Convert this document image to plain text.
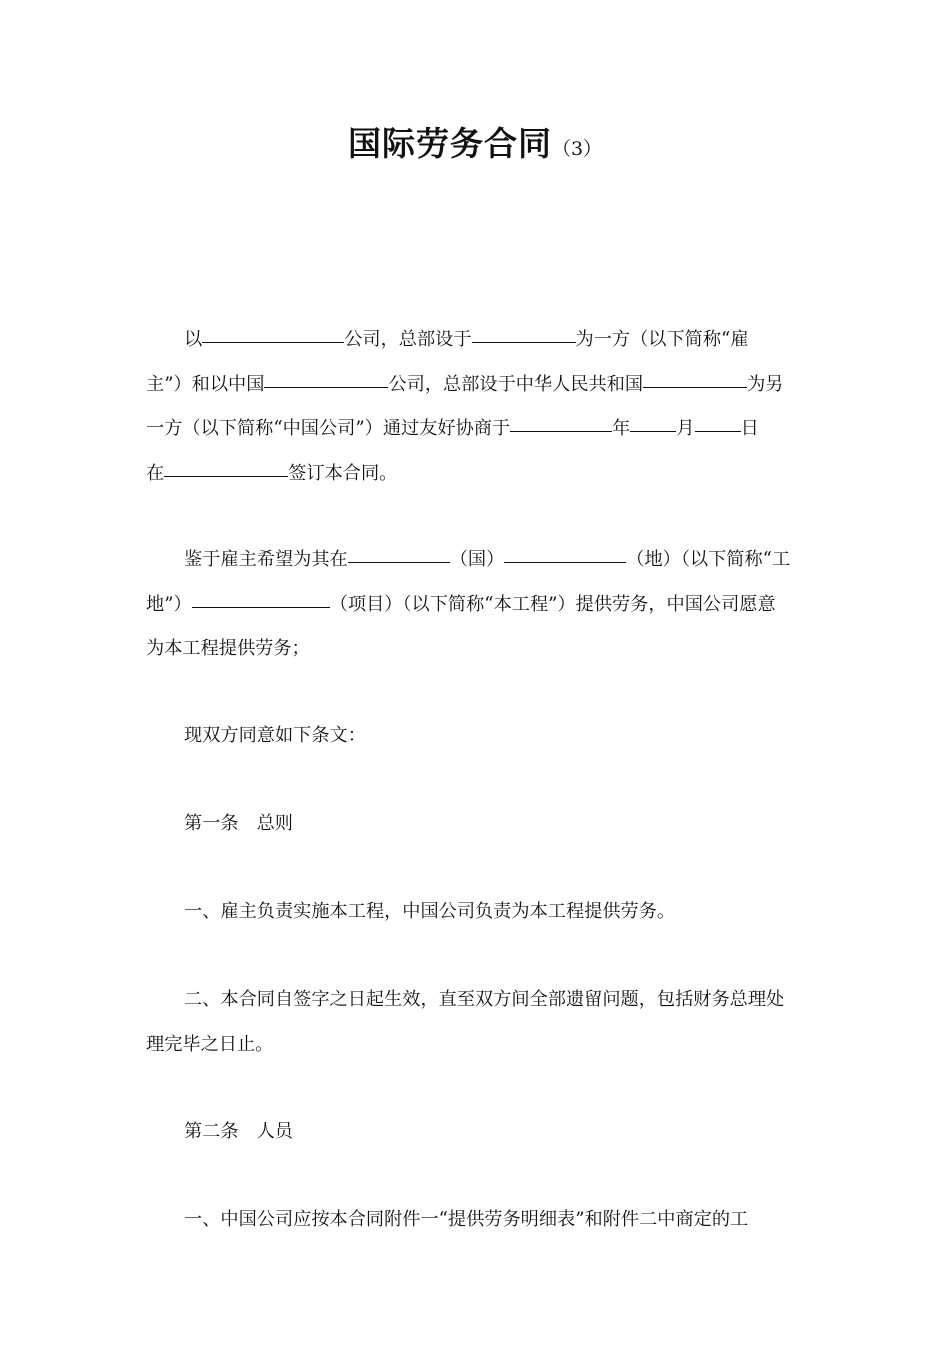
国际劳务合同（3）
以	公司，总部设于	为一方（以下简称“雇
主”）和以中国	公司，总部设于中华人民共和国	为另
一方（以下简称“中国公司”）通过友好协商于	年	月	日
在	签订本合同。
鉴于雇主希望为其在	（国）	（地）（以下简称“工
地”）	（项目）（以下简称“本工程”）提供劳务，中国公司愿意
为本工程提供劳务；
现双方同意如下条文：
第一条 总则
一、雇主负责实施本工程，中国公司负责为本工程提供劳务。
二、本合同自签字之日起生效，直至双方间全部遗留问题，包括财务总理处
理完毕之日止。
第二条 人员
一、中国公司应按本合同附件一“提供劳务明细表”和附件二中商定的工
